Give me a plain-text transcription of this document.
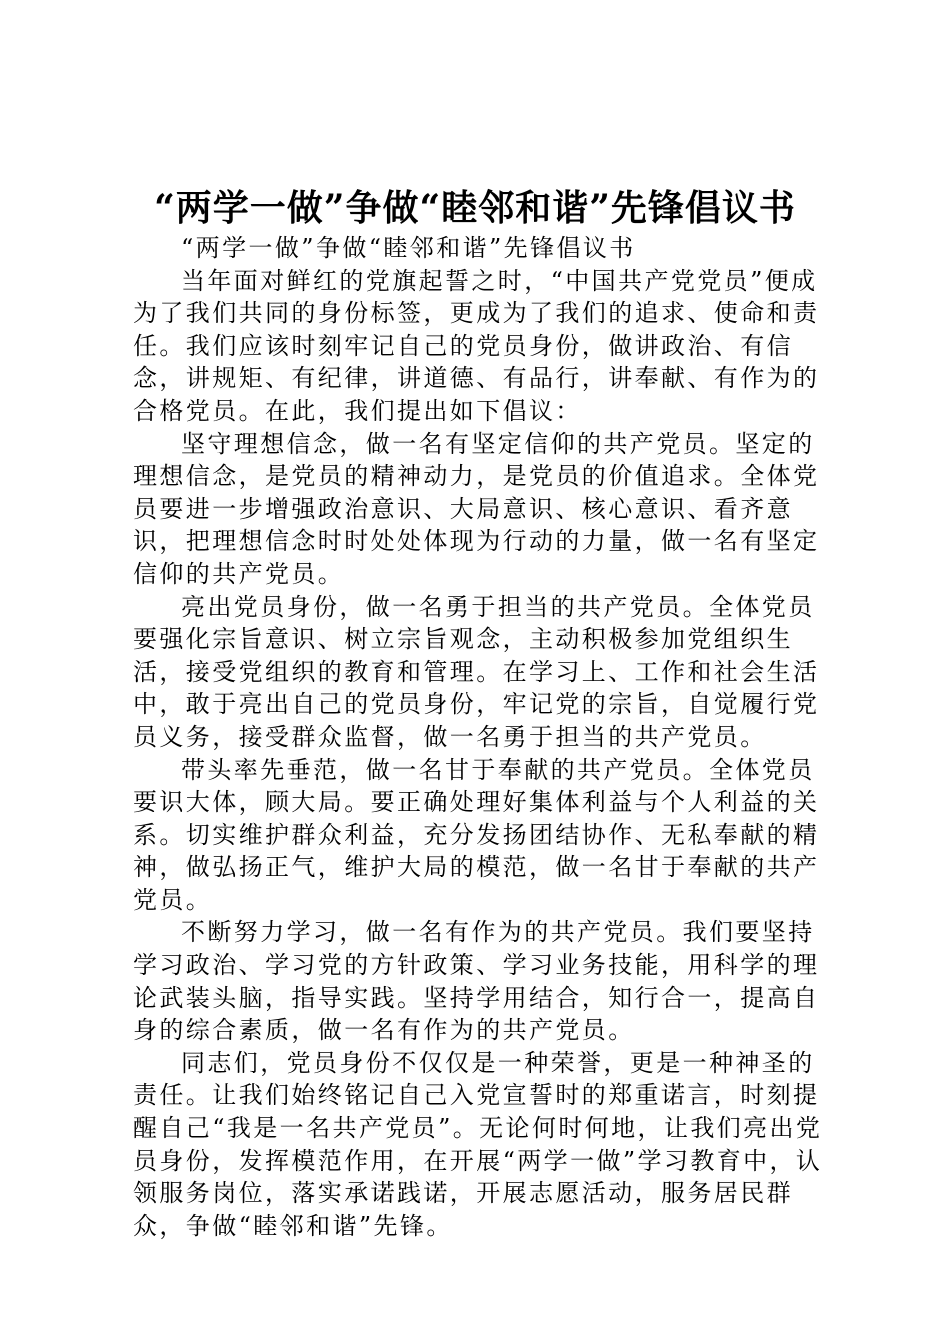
“两学一做”争做“睦邻和谐”先锋倡议书

“两学一做”争做“睦邻和谐”先锋倡议书

当年面对鲜红的党旗起誓之时，“中国共产党党员”便成为了我们共同的身份标签，更成为了我们的追求、使命和责任。我们应该时刻牢记自己的党员身份，做讲政治、有信念，讲规矩、有纪律，讲道德、有品行，讲奉献、有作为的合格党员。在此，我们提出如下倡议：

坚守理想信念，做一名有坚定信仰的共产党员。坚定的理想信念，是党员的精神动力，是党员的价值追求。全体党员要进一步增强政治意识、大局意识、核心意识、看齐意识，把理想信念时时处处体现为行动的力量，做一名有坚定信仰的共产党员。

亮出党员身份，做一名勇于担当的共产党员。全体党员要强化宗旨意识、树立宗旨观念，主动积极参加党组织生活，接受党组织的教育和管理。在学习上、工作和社会生活中，敢于亮出自己的党员身份，牢记党的宗旨，自觉履行党员义务，接受群众监督，做一名勇于担当的共产党员。

带头率先垂范，做一名甘于奉献的共产党员。全体党员要识大体，顾大局。要正确处理好集体利益与个人利益的关系。切实维护群众利益，充分发扬团结协作、无私奉献的精神，做弘扬正气，维护大局的模范，做一名甘于奉献的共产党员。

不断努力学习，做一名有作为的共产党员。我们要坚持学习政治、学习党的方针政策、学习业务技能，用科学的理论武装头脑，指导实践。坚持学用结合，知行合一，提高自身的综合素质，做一名有作为的共产党员。

同志们，党员身份不仅仅是一种荣誉，更是一种神圣的责任。让我们始终铭记自己入党宣誓时的郑重诺言，时刻提醒自己“我是一名共产党员”。无论何时何地，让我们亮出党员身份，发挥模范作用，在开展“两学一做”学习教育中，认领服务岗位，落实承诺践诺，开展志愿活动，服务居民群众，争做“睦邻和谐”先锋。
